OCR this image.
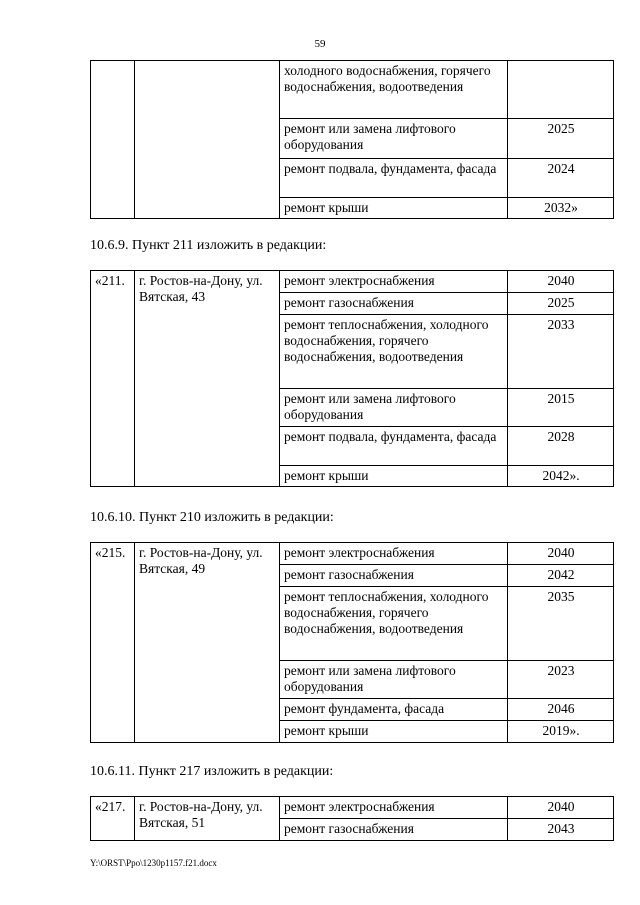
59
		холодного водоснабжения, горячего водоснабжения, водоотведения	
		ремонт или замена лифтового оборудования	2025
		ремонт подвала, фундамента, фасада	2024
		ремонт крыши	2032»
10.6.9. Пункт 211 изложить в редакции:
«211.	г. Ростов-на-Дону, ул. Вятская, 43	ремонт электроснабжения	2040
		ремонт газоснабжения	2025
		ремонт теплоснабжения, холодного водоснабжения, горячего водоснабжения, водоотведения	2033
		ремонт или замена лифтового оборудования	2015
		ремонт подвала, фундамента, фасада	2028
		ремонт крыши	2042».
10.6.10. Пункт 210 изложить в редакции:
«215.	г. Ростов-на-Дону, ул. Вятская, 49	ремонт электроснабжения	2040
		ремонт газоснабжения	2042
		ремонт теплоснабжения, холодного водоснабжения, горячего водоснабжения, водоотведения	2035
		ремонт или замена лифтового оборудования	2023
		ремонт фундамента, фасада	2046
		ремонт крыши	2019».
10.6.11. Пункт 217 изложить в редакции:
«217.	г. Ростов-на-Дону, ул. Вятская, 51	ремонт электроснабжения	2040
		ремонт газоснабжения	2043
Y:\ORST\Ppo\1230p1157.f21.docx
